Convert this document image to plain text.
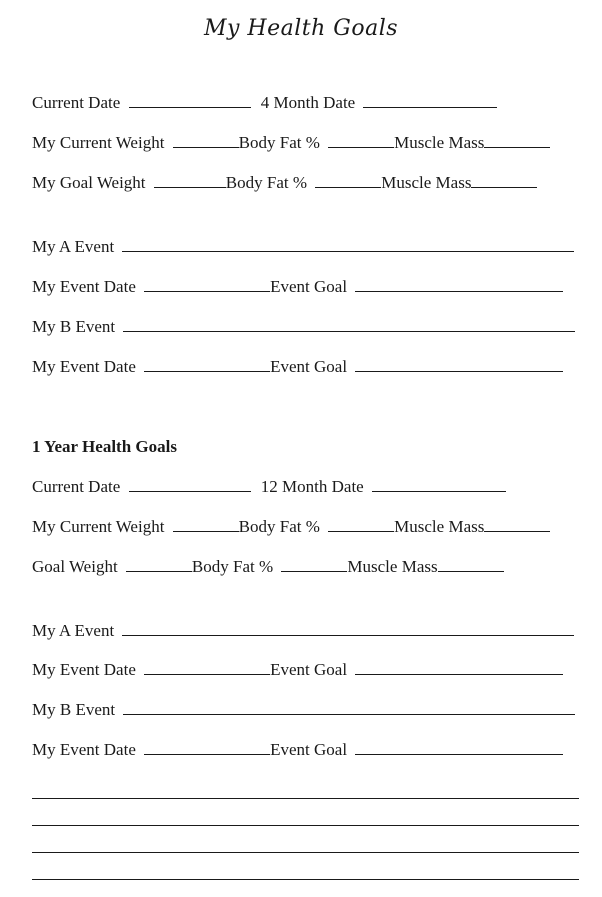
My Health Goals
Current Date	4 Month Date
My Current Weight	Body Fat %	Muscle Mass
My Goal Weight	Body Fat %	Muscle Mass
My A Event
My Event Date	Event Goal
My B Event
My Event Date	Event Goal
1 Year Health Goals
Current Date	12 Month Date
My Current Weight	Body Fat %	Muscle Mass
Goal Weight	Body Fat %	Muscle Mass
My A Event
My Event Date	Event Goal
My B Event
My Event Date	Event Goal
